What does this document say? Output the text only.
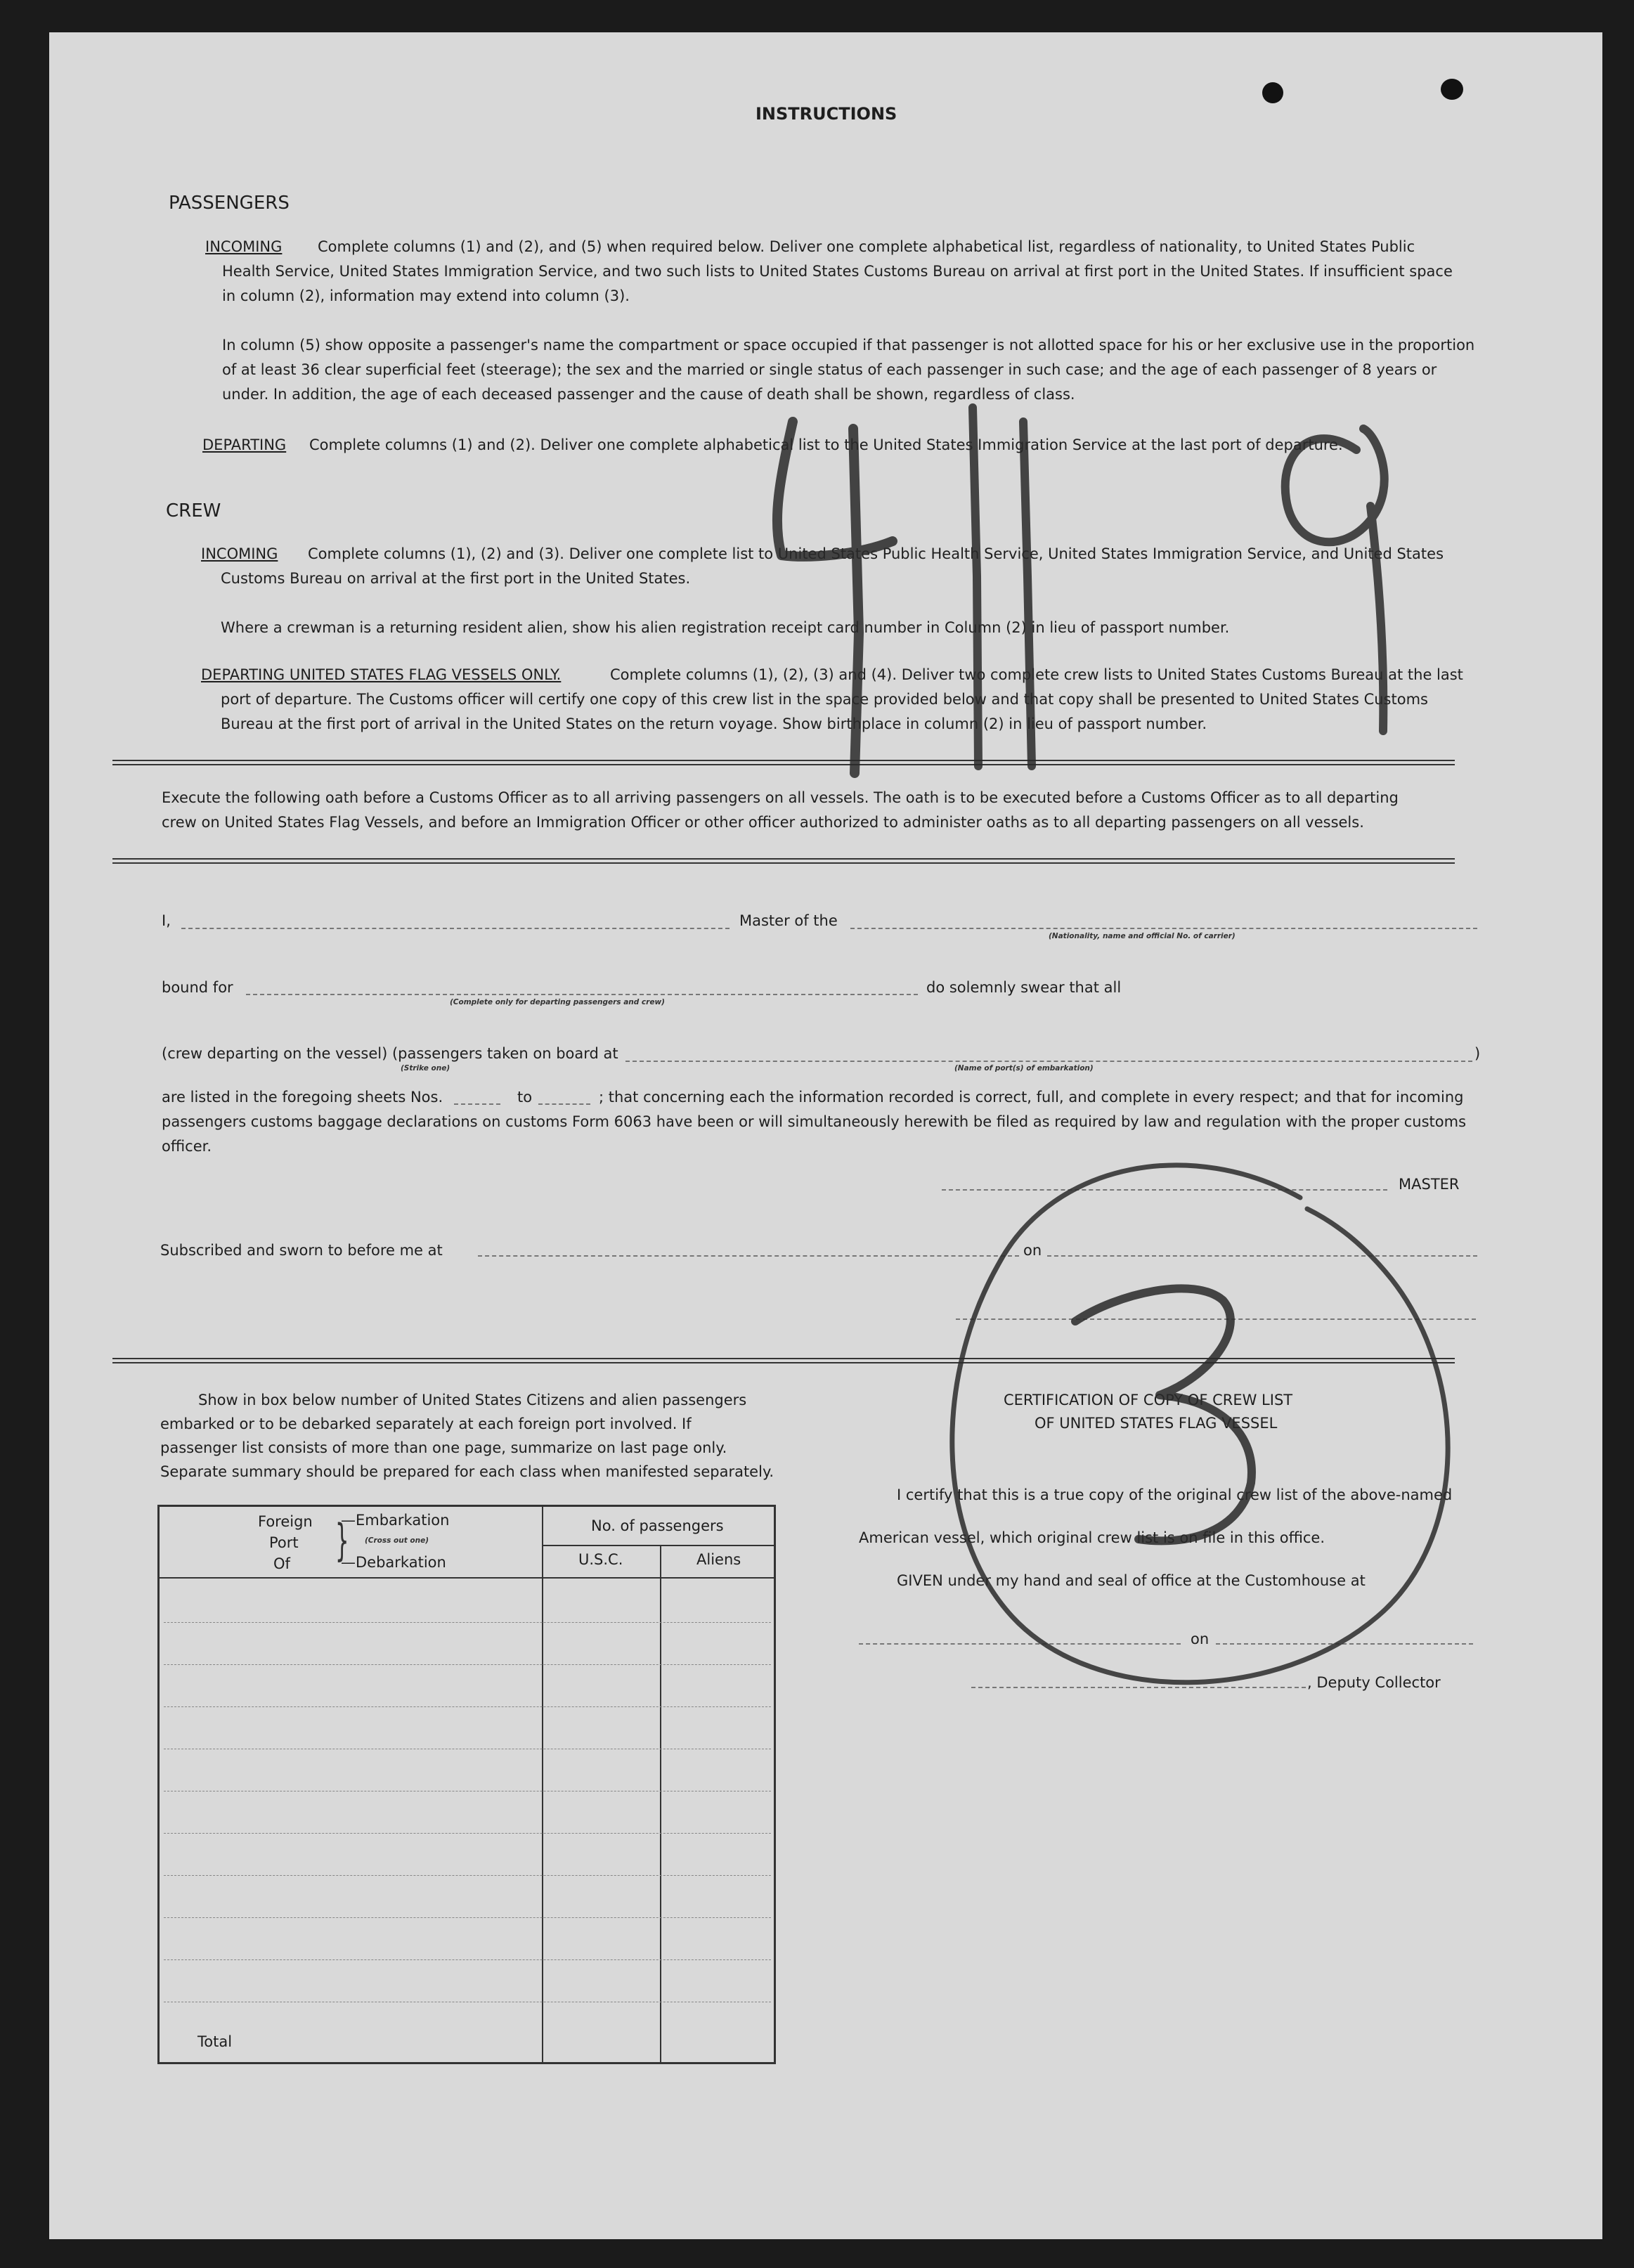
INSTRUCTIONS
PASSENGERS
INCOMING Complete columns (1) and (2), and (5) when required below. Deliver one complete alphabetical list, regardless of nationality, to United States Public
Health Service, United States Immigration Service, and two such lists to United States Customs Bureau on arrival at first port in the United States. If insufficient space
in column (2), information may extend into column (3).
In column (5) show opposite a passenger's name the compartment or space occupied if that passenger is not allotted space for his or her exclusive use in the proportion
of at least 36 clear superficial feet (steerage); the sex and the married or single status of each passenger in such case; and the age of each passenger of 8 years or
under. In addition, the age of each deceased passenger and the cause of death shall be shown, regardless of class.
DEPARTING Complete columns (1) and (2). Deliver one complete alphabetical list to the United States Immigration Service at the last port of departure.
CREW
INCOMING Complete columns (1), (2) and (3). Deliver one complete list to United States Public Health Service, United States Immigration Service, and United States
Customs Bureau on arrival at the first port in the United States.
Where a crewman is a returning resident alien, show his alien registration receipt card number in Column (2) in lieu of passport number.
DEPARTING UNITED STATES FLAG VESSELS ONLY.	Complete columns (1), (2), (3) and (4). Deliver two complete crew lists to United States Customs Bureau at the last
port of departure. The Customs officer will certify one copy of this crew list in the space provided below and that copy shall be presented to United States Customs
Bureau at the first port of arrival in the United States on the return voyage. Show birthplace in column (2) in lieu of passport number.
Execute the following oath before a Customs Officer as to all arriving passengers on all vessels. The oath is to be executed before a Customs Officer as to all departing
crew on United States Flag Vessels, and before an Immigration Officer or other officer authorized to administer oaths as to all departing passengers on all vessels.
I,	Master of the
(Nationality, name and official No. of carrier)
bound for
(Complete only for departing passengers and crew)
do solemnly swear that all
(crew departing on the vessel) (passengers taken on board at	)
(Strike one)	(Name of port(s) of embarkation)
are listed in the foregoing sheets Nos.	to	; that concerning each the information recorded is correct, full, and complete in every respect; and that for incoming
passengers customs baggage declarations on customs Form 6063 have been or will simultaneously herewith be filed as required by law and regulation with the proper customs
officer.
MASTER
Subscribed and sworn to before me at	on
Show in box below number of United States Citizens and alien passengers
embarked or to be debarked separately at each foreign port involved. If
passenger list consists of more than one page, summarize on last page only.
Separate summary should be prepared for each class when manifested separately.
Foreign
Port
Of }
—Embarkation
(Cross out one)
—Debarkation
No. of passengers
U.S.C.	Aliens
Total
CERTIFICATION OF COPY OF CREW LIST
OF UNITED STATES FLAG VESSEL
I certify that this is a true copy of the original crew list of the above-named
American vessel, which original crew list is on file in this office.
GIVEN under my hand and seal of office at the Customhouse at
on
, Deputy Collector
